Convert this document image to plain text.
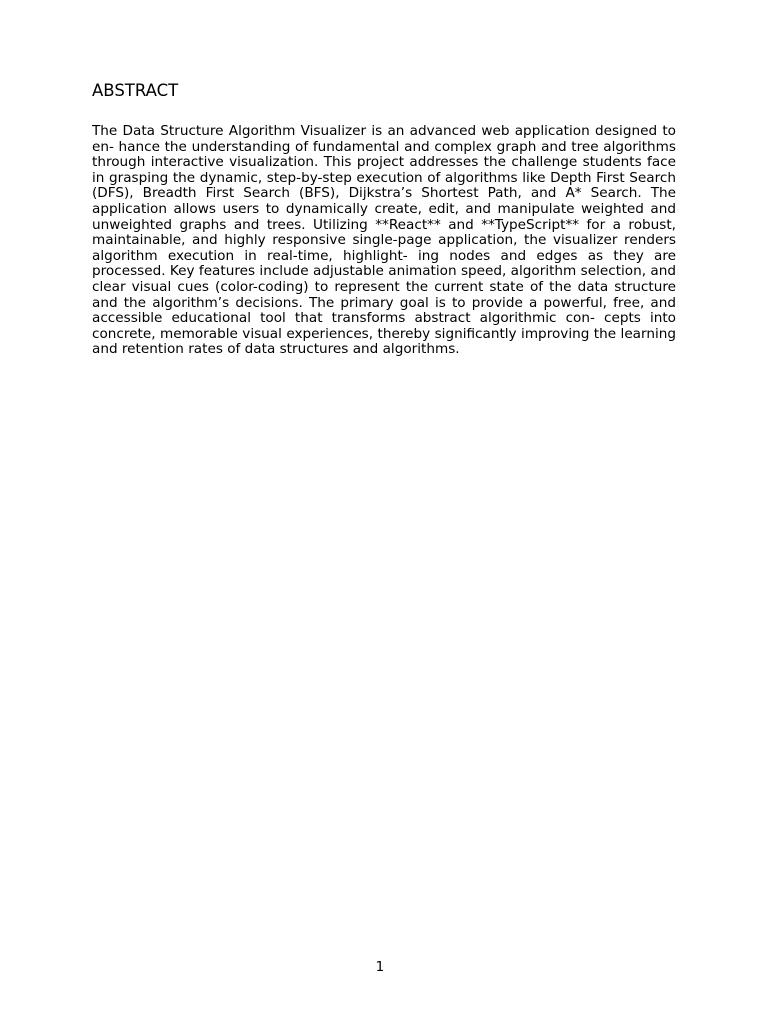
ABSTRACT

The Data Structure Algorithm Visualizer is an advanced web application designed to en- hance the understanding of fundamental and complex graph and tree algorithms through interactive visualization. This project addresses the challenge students face in grasping the dynamic, step-by-step execution of algorithms like Depth First Search (DFS), Breadth First Search (BFS), Dijkstra’s Shortest Path, and A* Search. The application allows users to dynamically create, edit, and manipulate weighted and unweighted graphs and trees. Utilizing **React** and **TypeScript** for a robust, maintainable, and highly responsive single-page application, the visualizer renders algorithm execution in real-time, highlight- ing nodes and edges as they are processed. Key features include adjustable animation speed, algorithm selection, and clear visual cues (color-coding) to represent the current state of the data structure and the algorithm’s decisions. The primary goal is to provide a powerful, free, and accessible educational tool that transforms abstract algorithmic con- cepts into concrete, memorable visual experiences, thereby significantly improving the learning and retention rates of data structures and algorithms.

1
